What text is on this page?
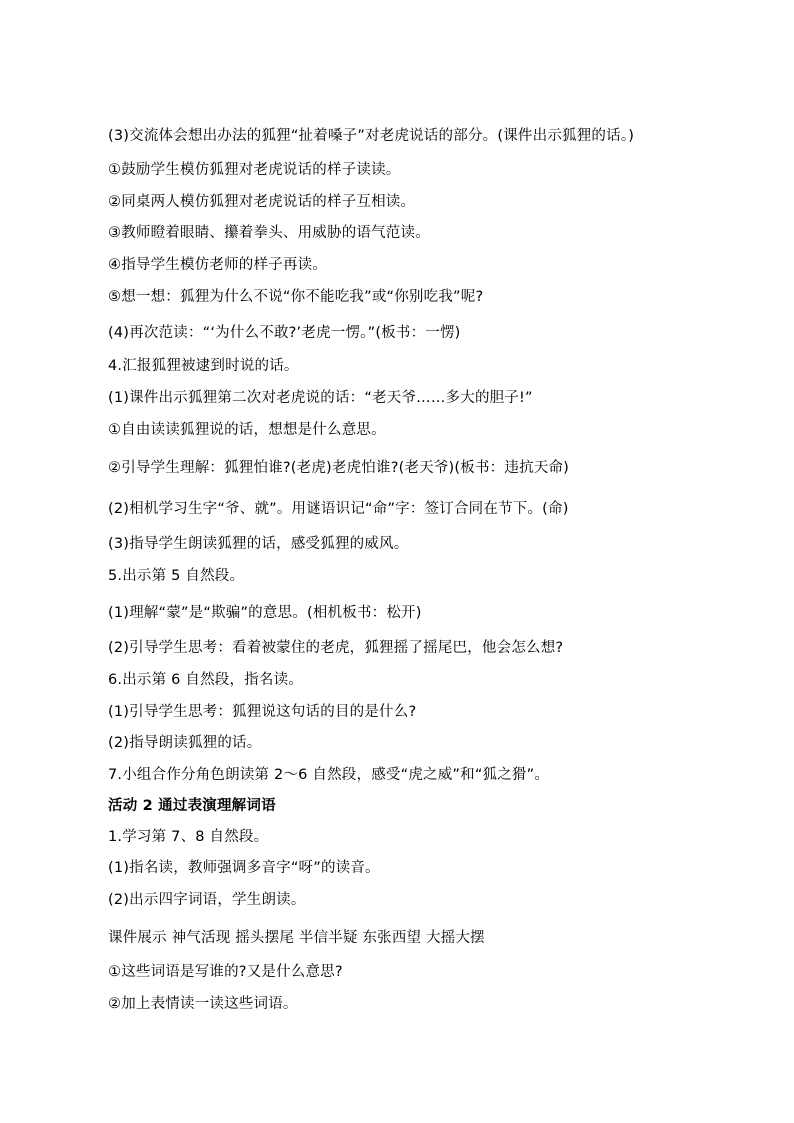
(3)交流体会想出办法的狐狸“扯着嗓子”对老虎说话的部分。(课件出示狐狸的话。)
①鼓励学生模仿狐狸对老虎说话的样子读读。
②同桌两人模仿狐狸对老虎说话的样子互相读。
③教师瞪着眼睛、攥着拳头、用威胁的语气范读。
④指导学生模仿老师的样子再读。
⑤想一想：狐狸为什么不说“你不能吃我”或“你别吃我”呢?
(4)再次范读：“‘为什么不敢?’老虎一愣。”(板书：一愣)
4.汇报狐狸被逮到时说的话。
(1)课件出示狐狸第二次对老虎说的话：“老天爷……多大的胆子!”
①自由读读狐狸说的话，想想是什么意思。
②引导学生理解：狐狸怕谁?(老虎)老虎怕谁?(老天爷)(板书：违抗天命)
(2)相机学习生字“爷、就”。用谜语识记“命”字：签订合同在节下。(命)
(3)指导学生朗读狐狸的话，感受狐狸的威风。
5.出示第 5 自然段。
(1)理解“蒙”是“欺骗”的意思。(相机板书：松开)
(2)引导学生思考：看着被蒙住的老虎，狐狸摇了摇尾巴，他会怎么想?
6.出示第 6 自然段，指名读。
(1)引导学生思考：狐狸说这句话的目的是什么?
(2)指导朗读狐狸的话。
7.小组合作分角色朗读第 2～6 自然段，感受“虎之威”和“狐之猾”。
活动 2 通过表演理解词语
1.学习第 7、8 自然段。
(1)指名读，教师强调多音字“呀”的读音。
(2)出示四字词语，学生朗读。
课件展示 神气活现 摇头摆尾 半信半疑 东张西望 大摇大摆
①这些词语是写谁的?又是什么意思?
②加上表情读一读这些词语。
